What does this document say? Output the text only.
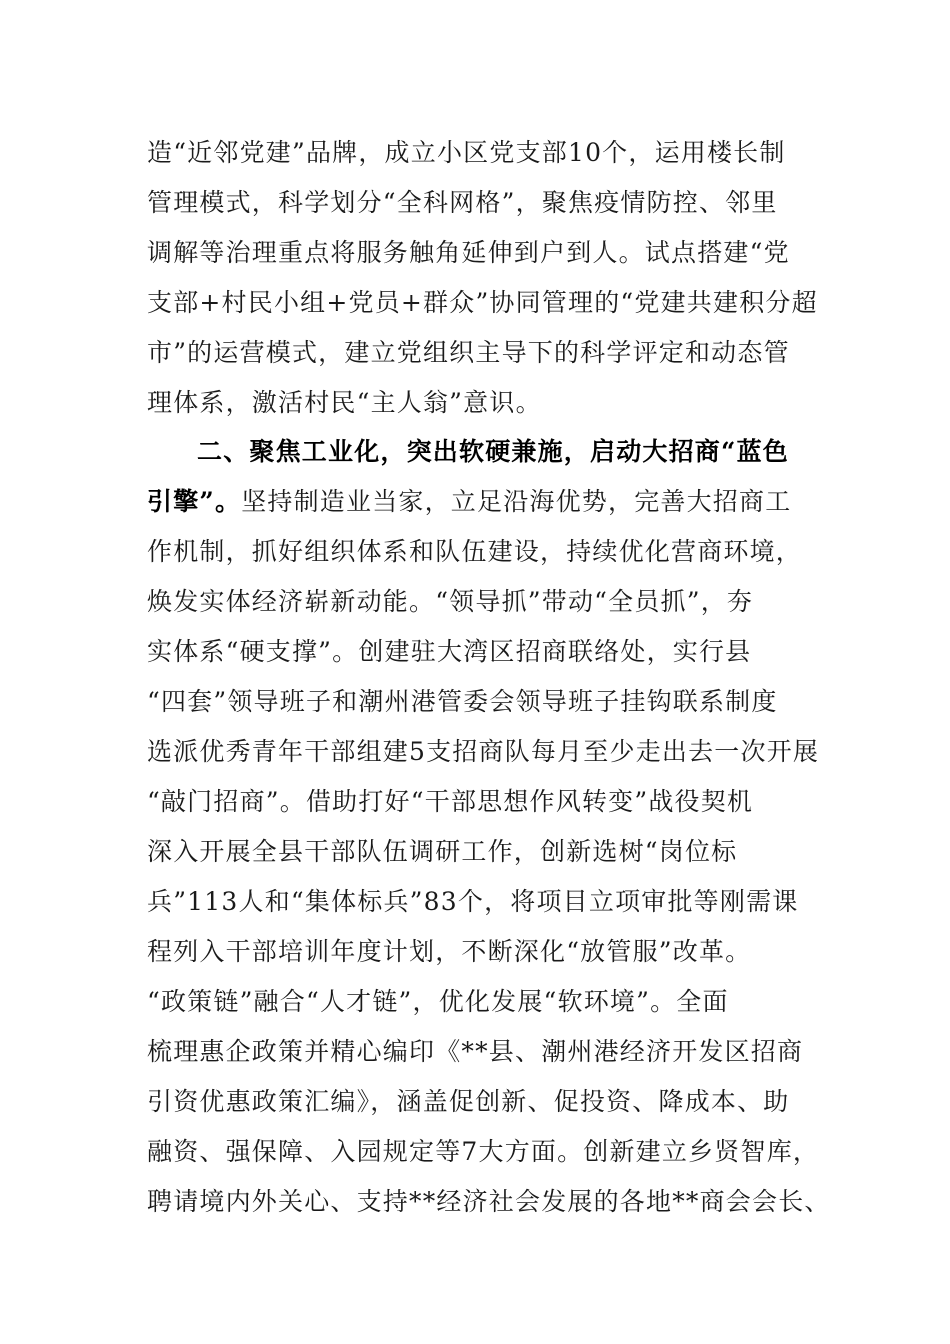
造“近邻党建”品牌，成立小区党支部10个，运用楼长制
管理模式，科学划分“全科网格”，聚焦疫情防控、邻里
调解等治理重点将服务触角延伸到户到人。试点搭建“党
支部+村民小组+党员+群众”协同管理的“党建共建积分超
市”的运营模式，建立党组织主导下的科学评定和动态管
理体系，激活村民“主人翁”意识。
二、聚焦工业化，突出软硬兼施，启动大招商“蓝色
引擎”。坚持制造业当家，立足沿海优势，完善大招商工
作机制，抓好组织体系和队伍建设，持续优化营商环境，
焕发实体经济崭新动能。“领导抓”带动“全员抓”，夯
实体系“硬支撑”。创建驻大湾区招商联络处，实行县
“四套”领导班子和潮州港管委会领导班子挂钩联系制度
选派优秀青年干部组建5支招商队每月至少走出去一次开展
“敲门招商”。借助打好“干部思想作风转变”战役契机
深入开展全县干部队伍调研工作，创新选树“岗位标
兵”113人和“集体标兵”83个，将项目立项审批等刚需课
程列入干部培训年度计划，不断深化“放管服”改革。
“政策链”融合“人才链”，优化发展“软环境”。全面
梳理惠企政策并精心编印《**县、潮州港经济开发区招商
引资优惠政策汇编》，涵盖促创新、促投资、降成本、助
融资、强保障、入园规定等7大方面。创新建立乡贤智库，
聘请境内外关心、支持**经济社会发展的各地**商会会长、
